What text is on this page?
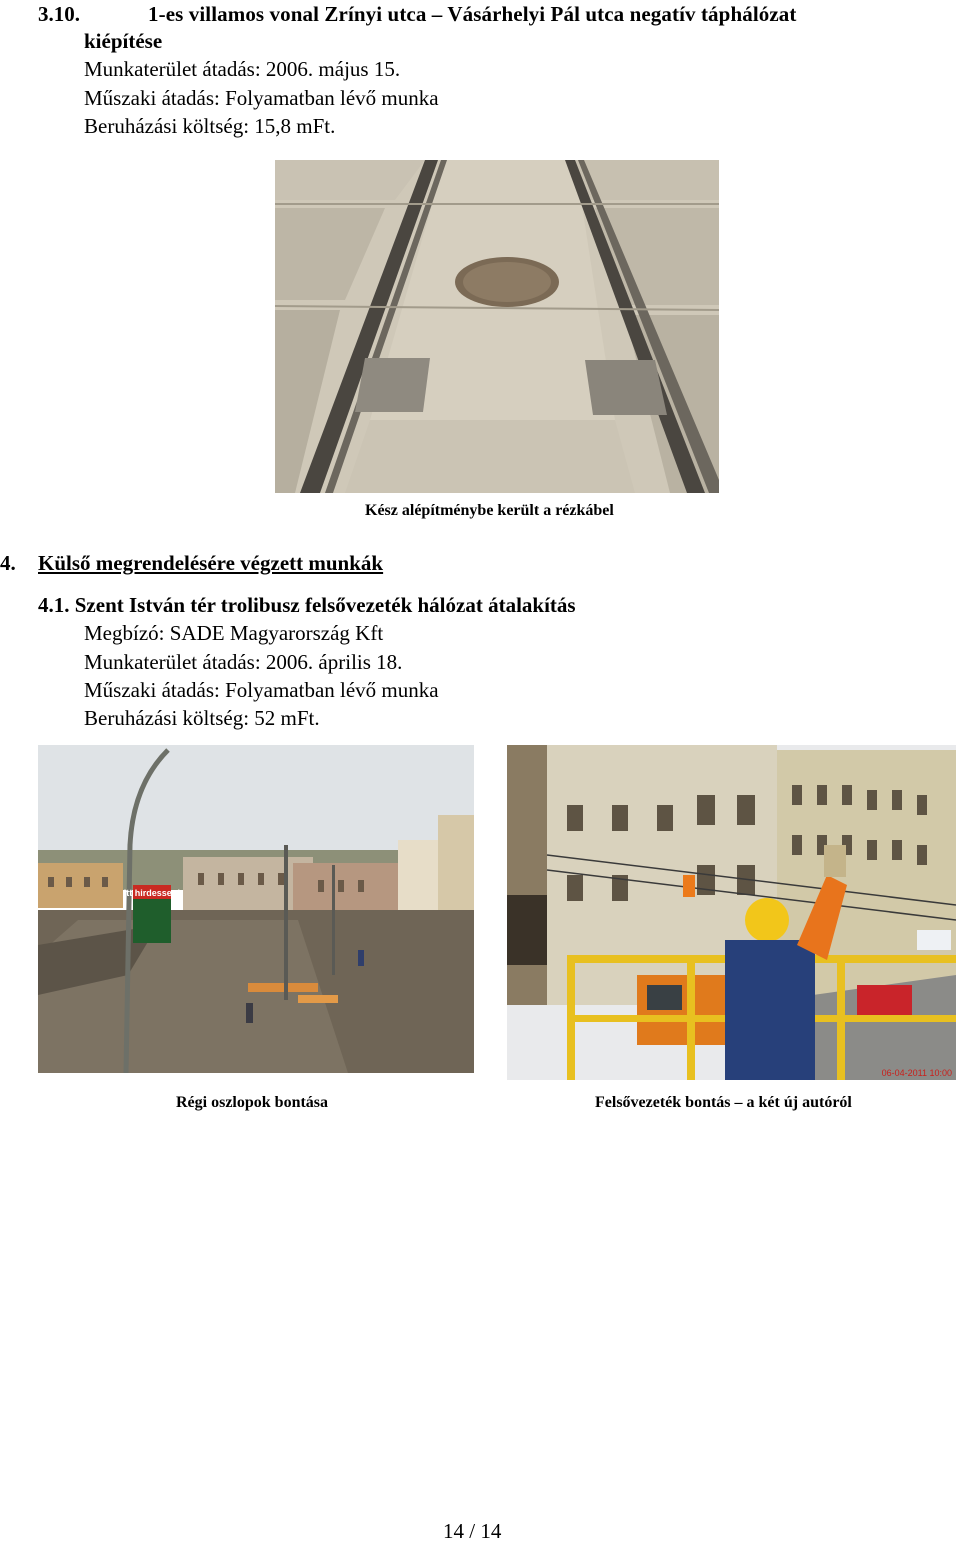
3.10.	1-es villamos vonal Zrínyi utca – Vásárhelyi Pál utca negatív táphálózat
kiépítése
Munkaterület átadás: 2006. május 15.
Műszaki átadás: Folyamatban lévő munka
Beruházási költség: 15,8 mFt.
Kész alépítménybe került a rézkábel
4. Külső megrendelésére végzett munkák
4.1. Szent István tér trolibusz felsővezeték hálózat átalakítás
Megbízó: SADE Magyarország Kft
Munkaterület átadás: 2006. április 18.
Műszaki átadás: Folyamatban lévő munka
Beruházási költség: 52 mFt.
Itt hirdessen!
06-04-2011 10:00
Régi oszlopok bontása	Felsővezeték bontás – a két új autóról
14 / 14
